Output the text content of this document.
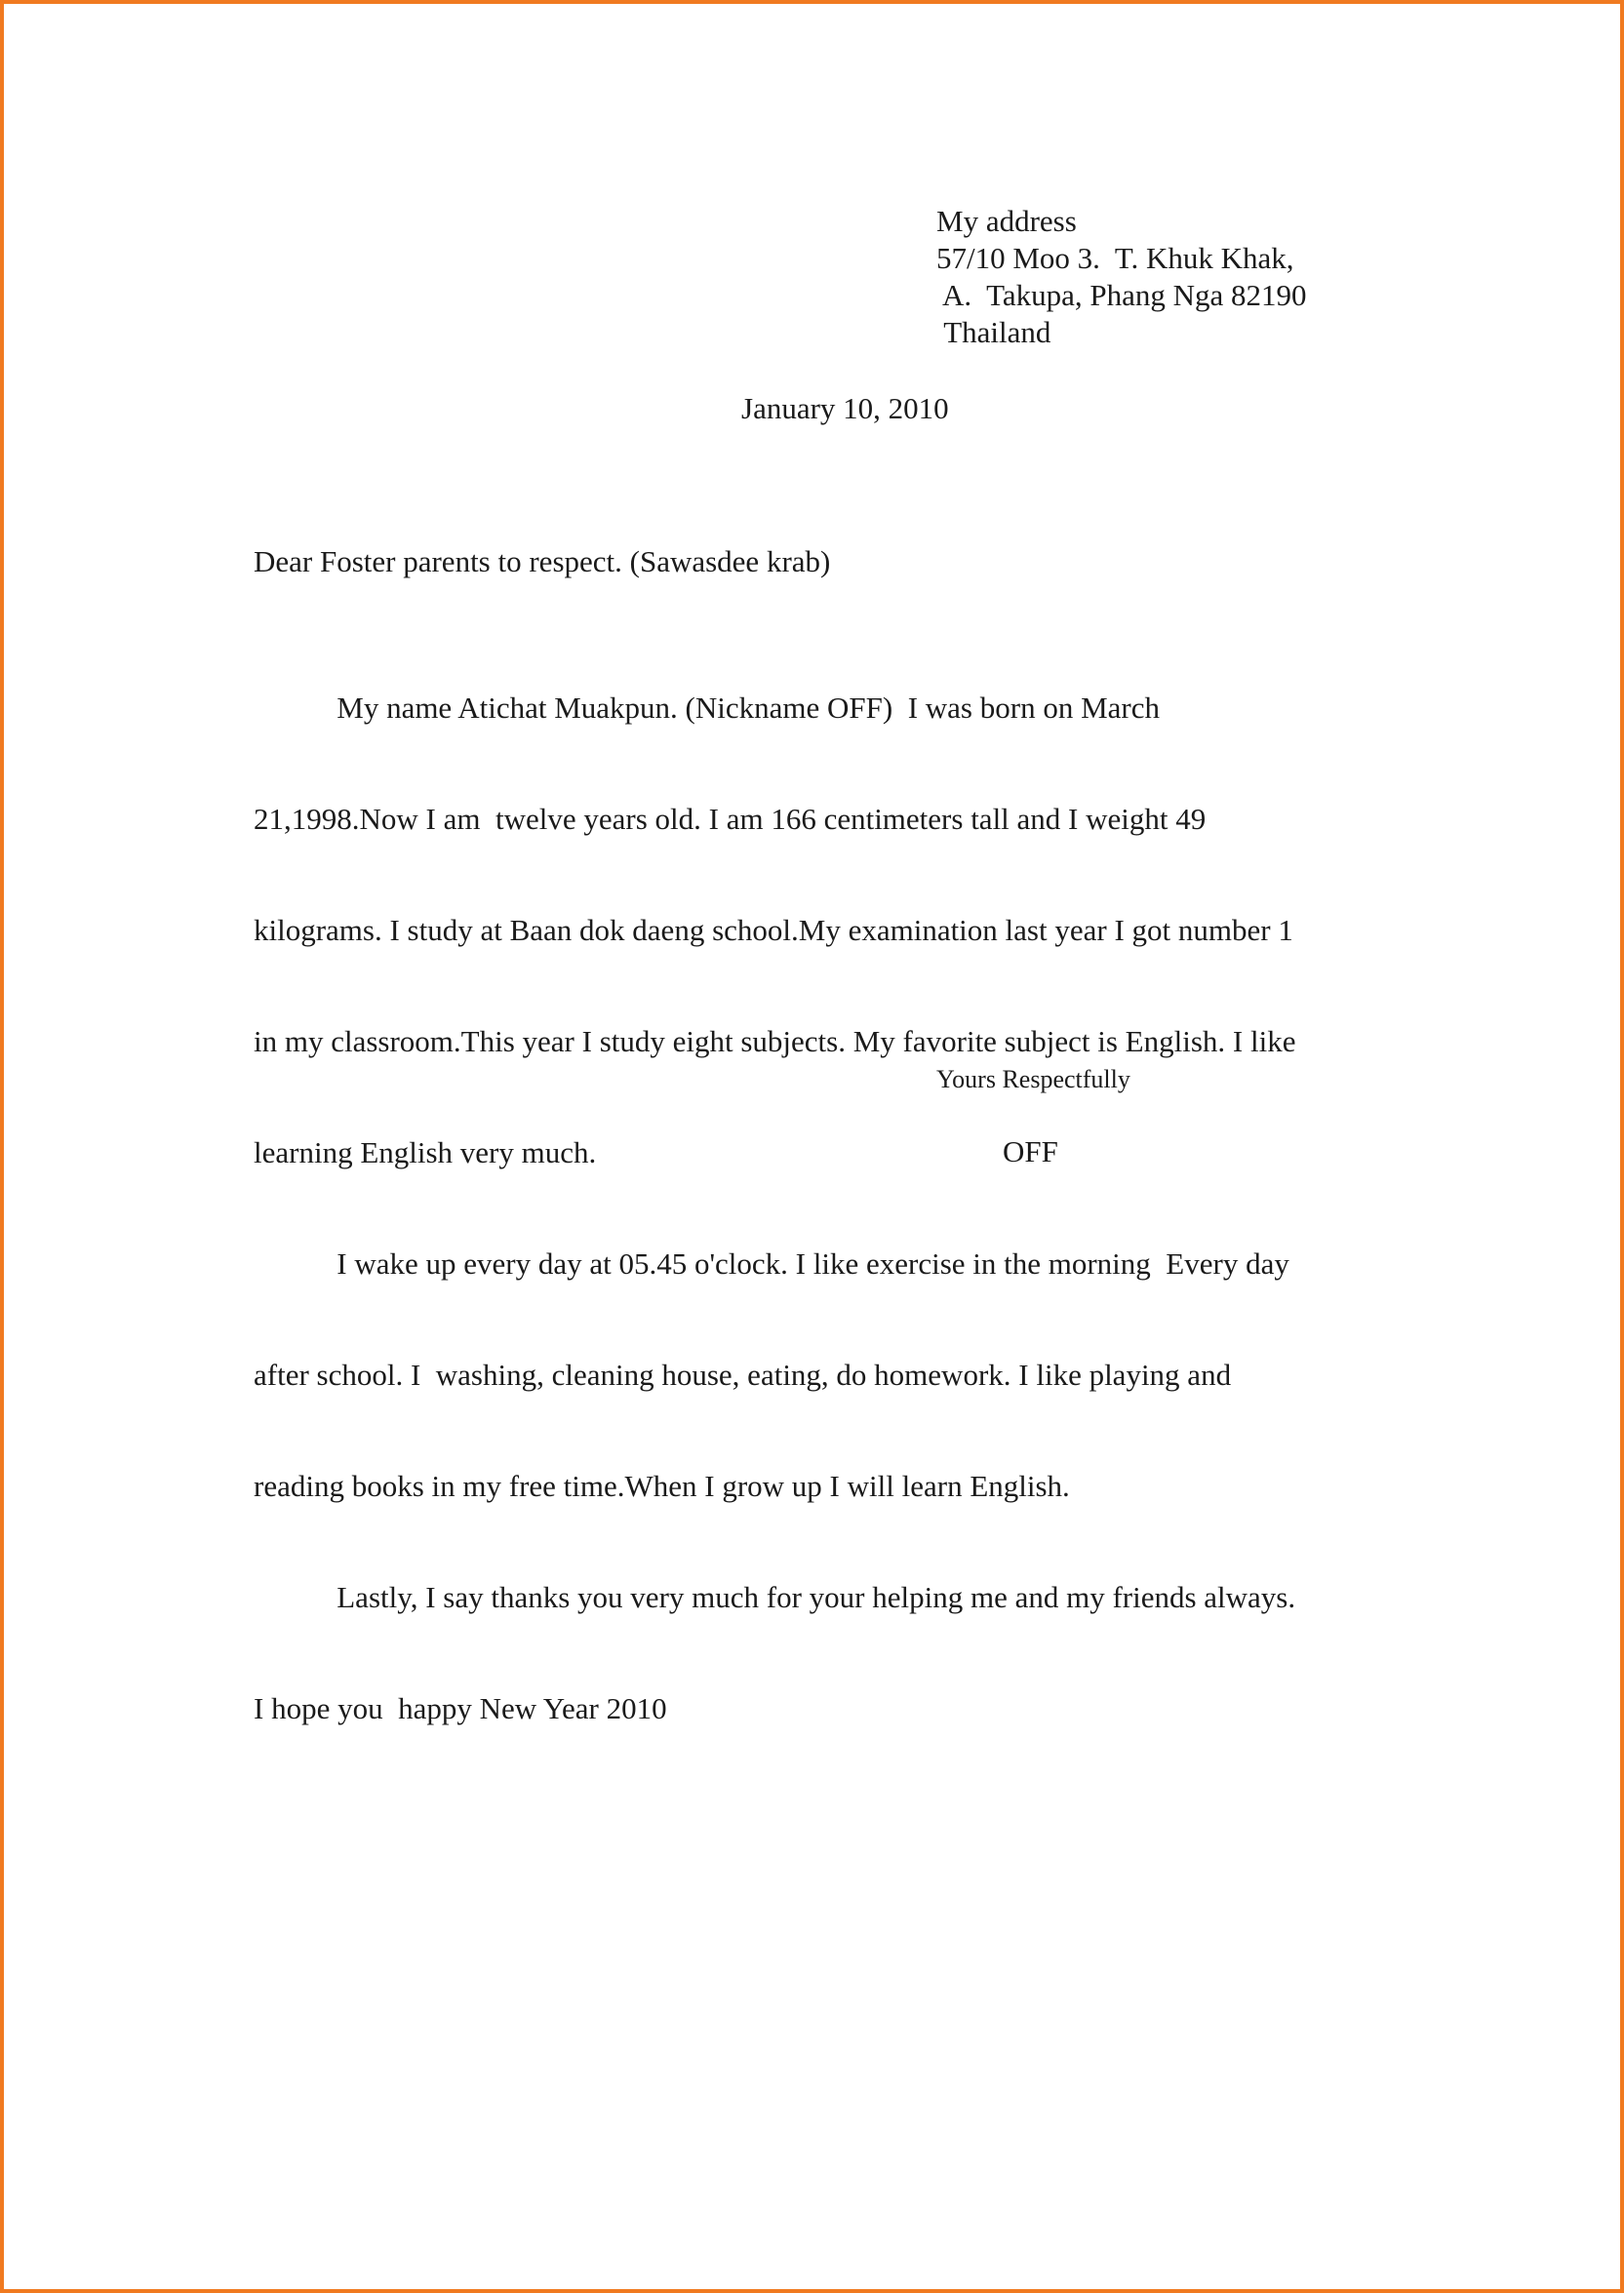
My address
57/10 Moo 3.  T. Khuk Khak,
A.  Takupa, Phang Nga 82190
Thailand
January 10, 2010
Dear Foster parents to respect. (Sawasdee krab)

My name Atichat Muakpun. (Nickname OFF)  I was born on March

21,1998.Now I am  twelve years old. I am 166 centimeters tall and I weight 49

kilograms. I study at Baan dok daeng school.My examination last year I got number 1

in my classroom.This year I study eight subjects. My favorite subject is English. I like

learning English very much.

I wake up every day at 05.45 o'clock. I like exercise in the morning  Every day

after school. I  washing, cleaning house, eating, do homework. I like playing and

reading books in my free time.When I grow up I will learn English.

Lastly, I say thanks you very much for your helping me and my friends always.

I hope you  happy New Year 2010

Yours Respectfully
OFF
